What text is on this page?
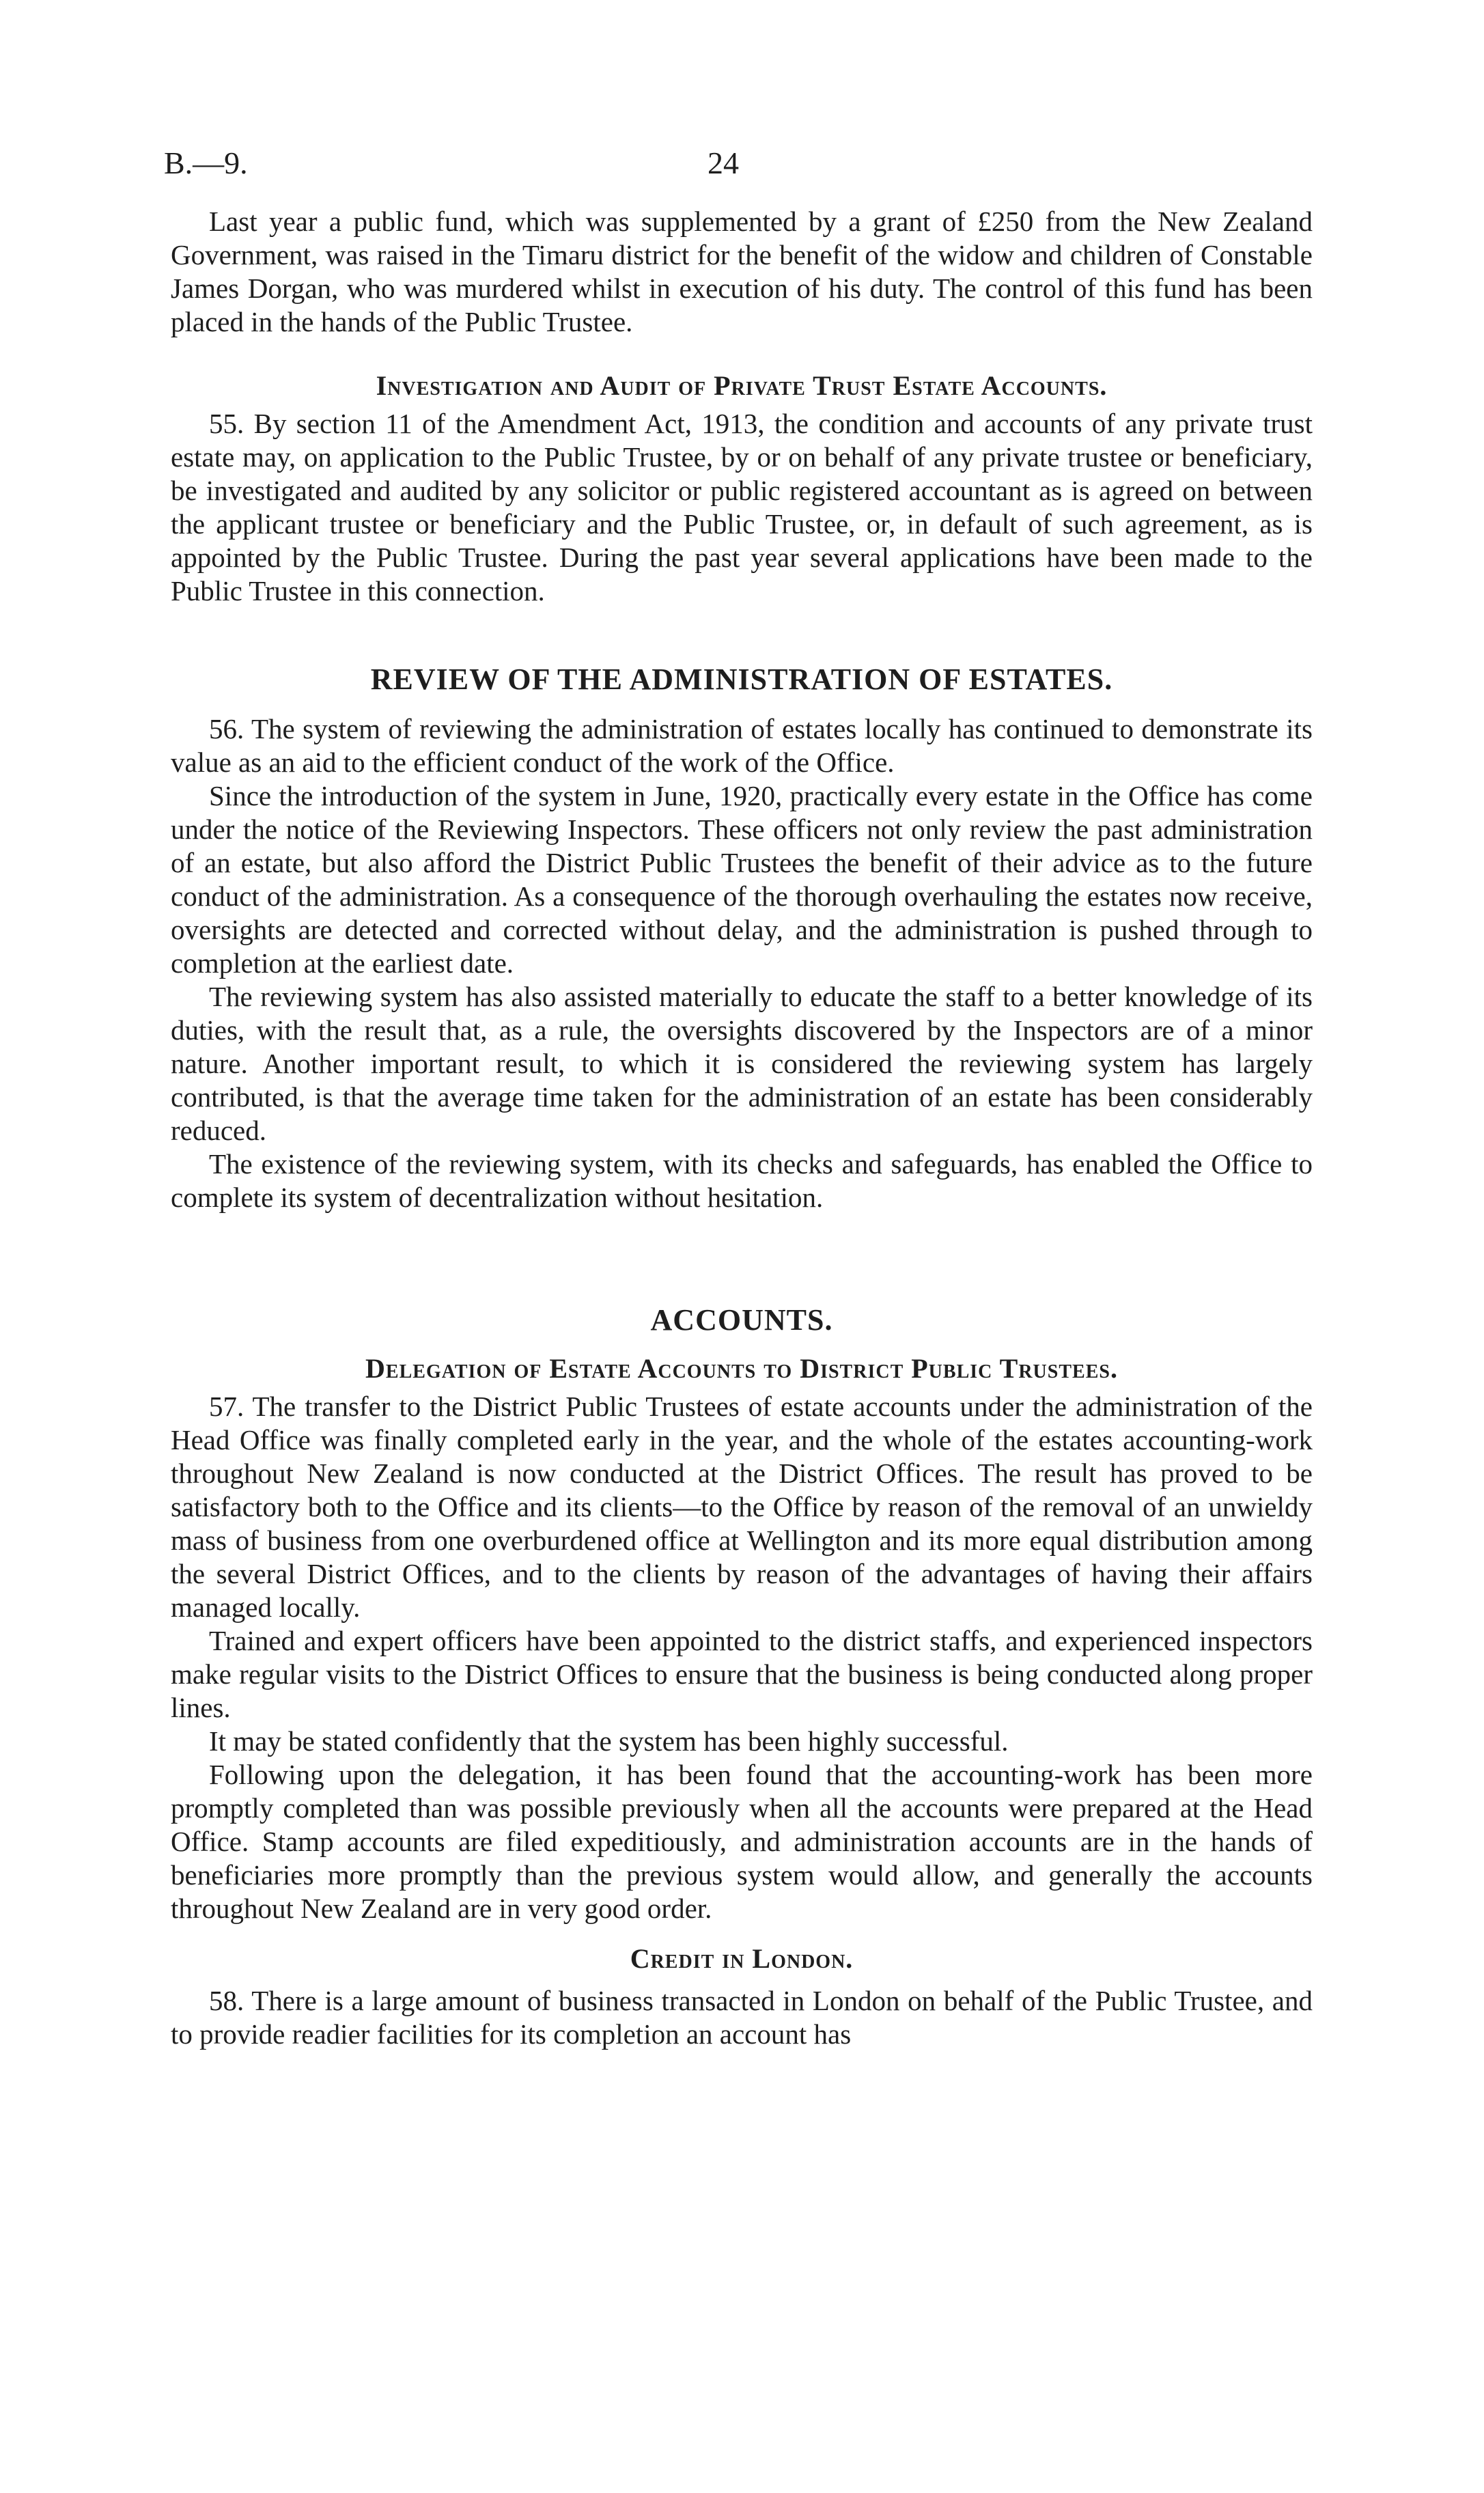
B.—9.	24

Last year a public fund, which was supplemented by a grant of £250 from the New Zealand Government, was raised in the Timaru district for the benefit of the widow and children of Constable James Dorgan, who was murdered whilst in execution of his duty. The control of this fund has been placed in the hands of the Public Trustee.

Investigation and Audit of Private Trust Estate Accounts.

55. By section 11 of the Amendment Act, 1913, the condition and accounts of any private trust estate may, on application to the Public Trustee, by or on behalf of any private trustee or beneficiary, be investigated and audited by any solicitor or public registered accountant as is agreed on between the applicant trustee or beneficiary and the Public Trustee, or, in default of such agreement, as is appointed by the Public Trustee. During the past year several applications have been made to the Public Trustee in this connection.

REVIEW OF THE ADMINISTRATION OF ESTATES.

56. The system of reviewing the administration of estates locally has continued to demonstrate its value as an aid to the efficient conduct of the work of the Office.

Since the introduction of the system in June, 1920, practically every estate in the Office has come under the notice of the Reviewing Inspectors. These officers not only review the past administration of an estate, but also afford the District Public Trustees the benefit of their advice as to the future conduct of the administration. As a consequence of the thorough overhauling the estates now receive, oversights are detected and corrected without delay, and the administration is pushed through to completion at the earliest date.

The reviewing system has also assisted materially to educate the staff to a better knowledge of its duties, with the result that, as a rule, the oversights discovered by the Inspectors are of a minor nature. Another important result, to which it is considered the reviewing system has largely contributed, is that the average time taken for the administration of an estate has been considerably reduced.

The existence of the reviewing system, with its checks and safeguards, has enabled the Office to complete its system of decentralization without hesitation.

ACCOUNTS.
Delegation of Estate Accounts to District Public Trustees.

57. The transfer to the District Public Trustees of estate accounts under the administration of the Head Office was finally completed early in the year, and the whole of the estates accounting-work throughout New Zealand is now conducted at the District Offices. The result has proved to be satisfactory both to the Office and its clients—to the Office by reason of the removal of an unwieldy mass of business from one overburdened office at Wellington and its more equal distribution among the several District Offices, and to the clients by reason of the advantages of having their affairs managed locally.

Trained and expert officers have been appointed to the district staffs, and experienced inspectors make regular visits to the District Offices to ensure that the business is being conducted along proper lines.

It may be stated confidently that the system has been highly successful.

Following upon the delegation, it has been found that the accounting-work has been more promptly completed than was possible previously when all the accounts were prepared at the Head Office. Stamp accounts are filed expeditiously, and administration accounts are in the hands of beneficiaries more promptly than the previous system would allow, and generally the accounts throughout New Zealand are in very good order.

Credit in London.

58. There is a large amount of business transacted in London on behalf of the Public Trustee, and to provide readier facilities for its completion an account has
